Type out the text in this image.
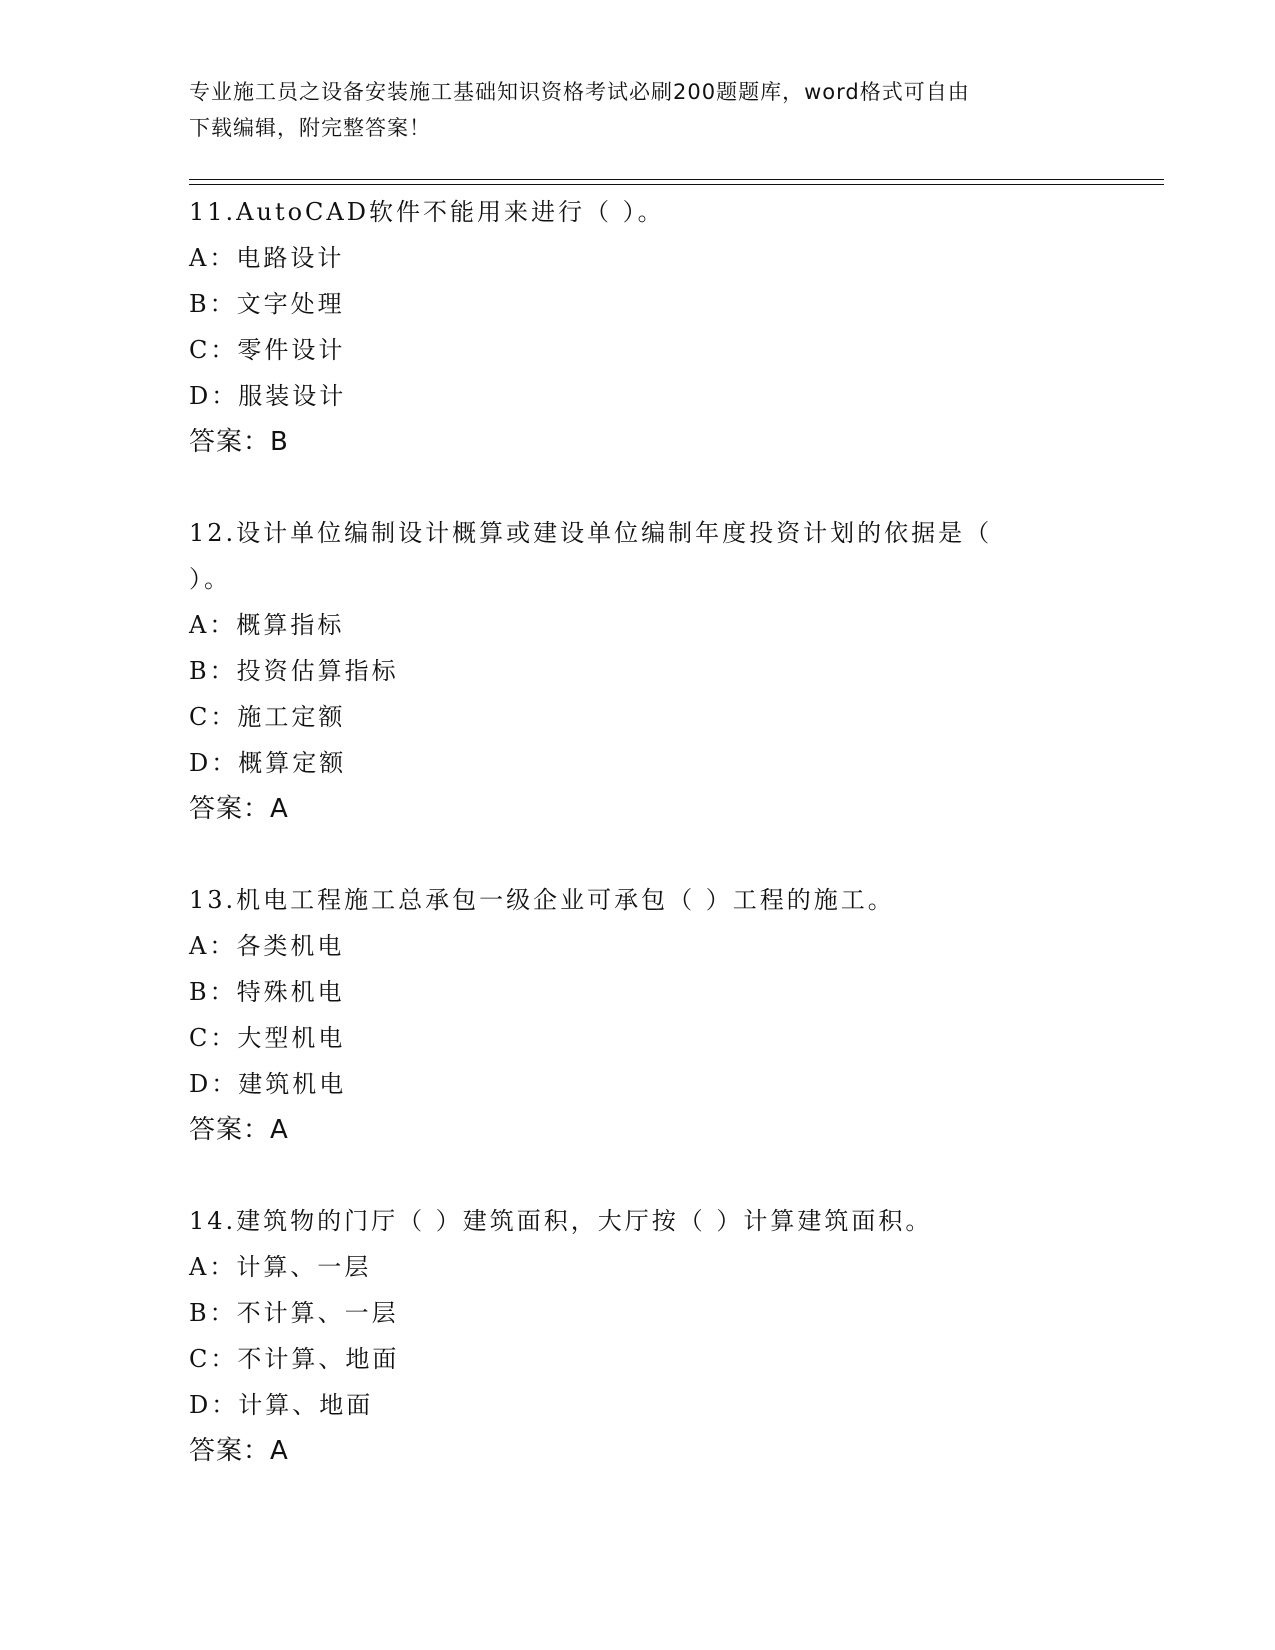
专业施工员之设备安装施工基础知识资格考试必刷200题题库，word格式可自由
下载编辑，附完整答案！

11.AutoCAD软件不能用来进行（ ）。

A：电路设计

B：文字处理

C：零件设计

D：服装设计

答案：B

12.设计单位编制设计概算或建设单位编制年度投资计划的依据是（

）。

A：概算指标

B：投资估算指标

C：施工定额

D：概算定额

答案：A

13.机电工程施工总承包一级企业可承包（ ）工程的施工。

A：各类机电

B：特殊机电

C：大型机电

D：建筑机电

答案：A

14.建筑物的门厅（ ）建筑面积，大厅按（ ）计算建筑面积。

A：计算、一层

B：不计算、一层

C：不计算、地面

D：计算、地面

答案：A
